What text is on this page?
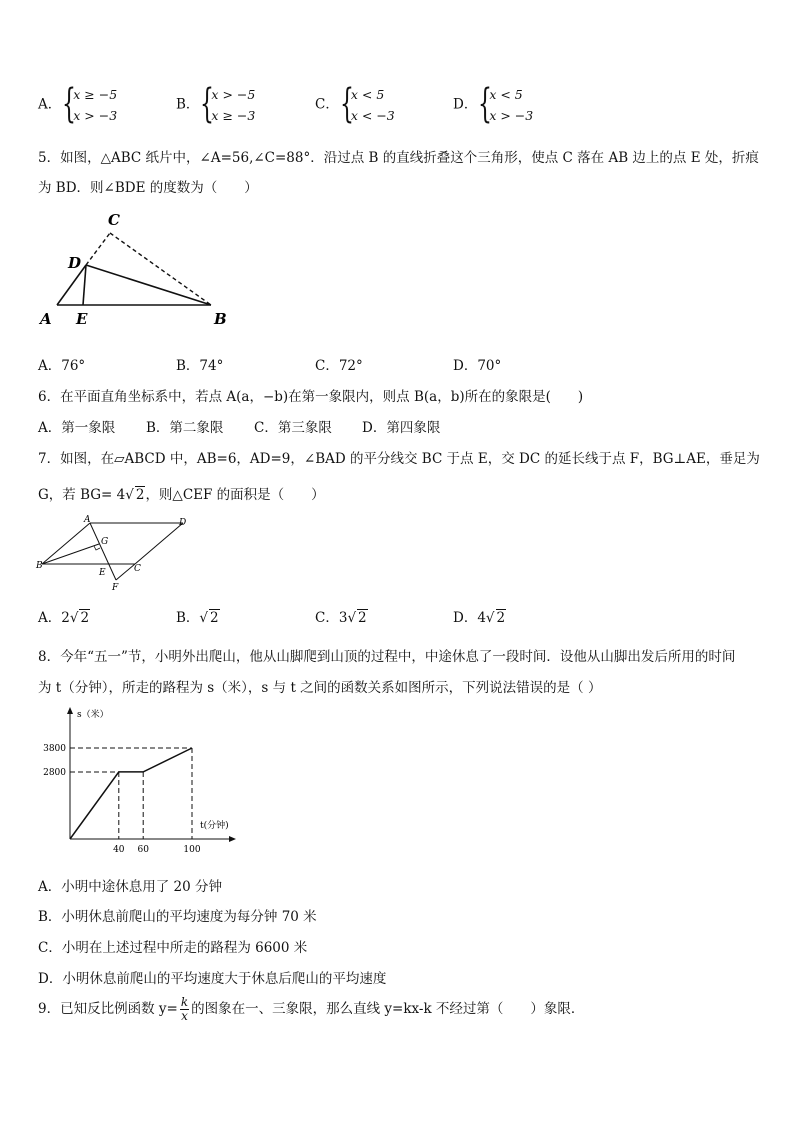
A． {
x ≥ −5
x > −3
B． {
x > −5
x ≥ −3
C． {
x < 5
x < −3
D． {
x < 5
x > −3
5．如图，△ABC 纸片中，∠A=56,∠C=88°．沿过点 B 的直线折叠这个三角形，使点 C 落在 AB 边上的点 E 处，折痕
为 BD．则∠BDE 的度数为（　　）
C
D
A E	B
A．76°	B．74°	C．72°	D．70°
6．在平面直角坐标系中，若点 A(a，−b)在第一象限内，则点 B(a，b)所在的象限是(　　)
A．第一象限 B．第二象限 C．第三象限 D．第四象限
7．如图，在▱ABCD 中，AB=6，AD=9，∠BAD 的平分线交 BC 于点 E，交 DC 的延长线于点 F，BG⊥AE，垂足为
G，若 BG= 4√ 2，则△CEF 的面积是（　　）
A	D
G
B
E	C
F
A．2√ 2	B．√ 2	C．3√ 2	D．4√ 2
8．今年“五一”节，小明外出爬山，他从山脚爬到山顶的过程中，中途休息了一段时间．设他从山脚出发后所用的时间
为 t（分钟），所走的路程为 s（米），s 与 t 之间的函数关系如图所示，下列说法错误的是（ ）
s（米）
t(分钟)
40 60	100
2800
3800
A．小明中途休息用了 20 分钟
B．小明休息前爬山的平均速度为每分钟 70 米
C．小明在上述过程中所走的路程为 6600 米
D．小明休息前爬山的平均速度大于休息后爬山的平均速度
9．已知反比例函数 $y= \frac{k}{x}$ 的图象在一、三象限，那么直线 y=kx-k 不经过第（　　）象限．
